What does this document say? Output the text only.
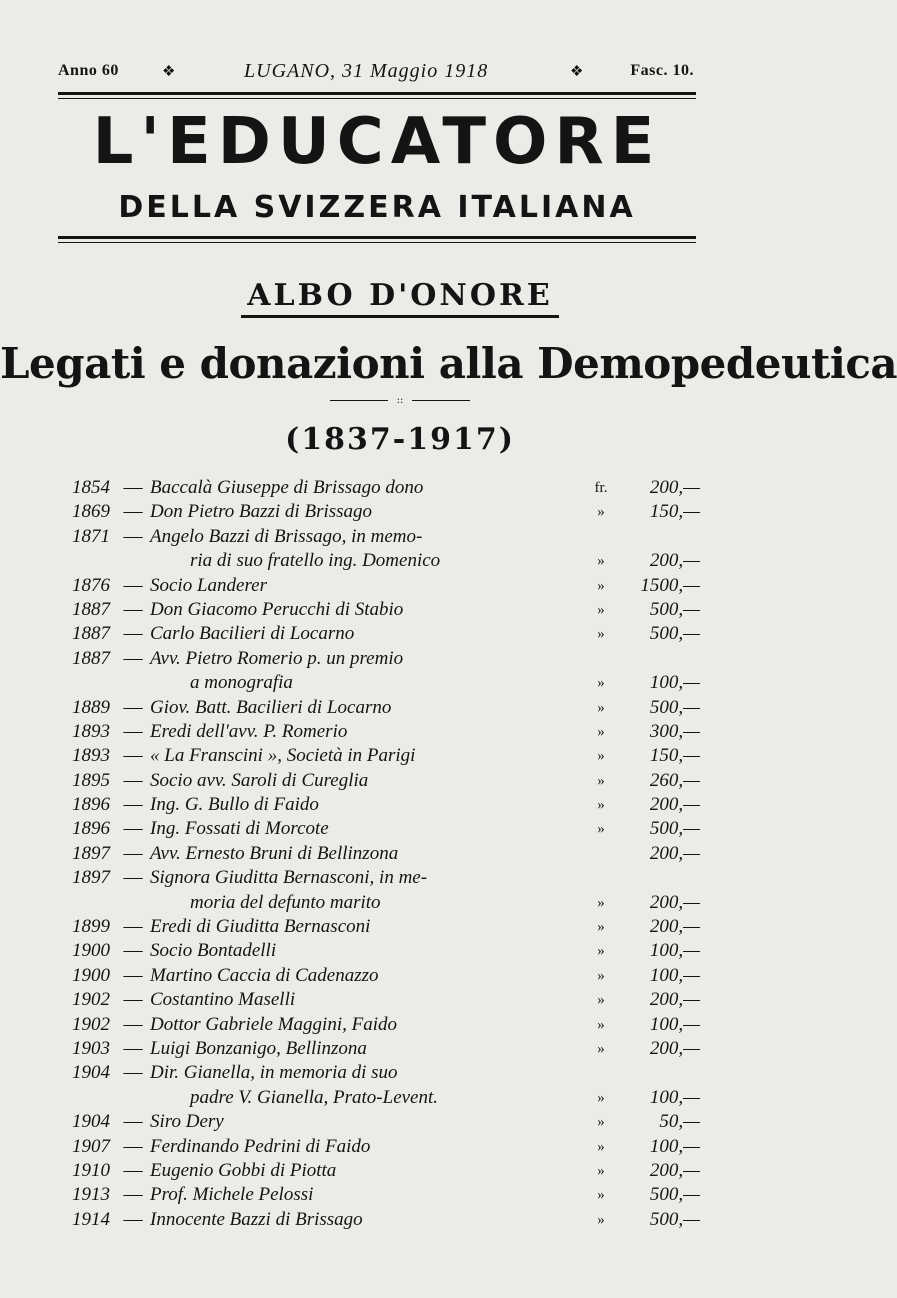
Anno 60	❖	LUGANO, 31 Maggio 1918	❖	Fasc. 10.
L'EDUCATORE
DELLA SVIZZERA ITALIANA
ALBO D'ONORE
Legati e donazioni alla Demopedeutica
::
(1837-1917)
1854 — Baccalà Giuseppe di Brissago dono	fr.	200,—
1869 — Don Pietro Bazzi di Brissago	»	150,—
1871 — Angelo Bazzi di Brissago, in memo-
ria di suo fratello ing. Domenico	»	200,—
1876 — Socio Landerer	»	1500,—
1887 — Don Giacomo Perucchi di Stabio	»	500,—
1887 — Carlo Bacilieri di Locarno	»	500,—
1887 — Avv. Pietro Romerio p. un premio
a monografia	»	100,—
1889 — Giov. Batt. Bacilieri di Locarno	»	500,—
1893 — Eredi dell'avv. P. Romerio	»	300,—
1893 — « La Franscini », Società in Parigi	»	150,—
1895 — Socio avv. Saroli di Cureglia	»	260,—
1896 — Ing. G. Bullo di Faido	»	200,—
1896 — Ing. Fossati di Morcote	»	500,—
1897 — Avv. Ernesto Bruni di Bellinzona	200,—
1897 — Signora Giuditta Bernasconi, in me-
moria del defunto marito	»	200,—
1899 — Eredi di Giuditta Bernasconi	»	200,—
1900 — Socio Bontadelli	»	100,—
1900 — Martino Caccia di Cadenazzo	»	100,—
1902 — Costantino Maselli	»	200,—
1902 — Dottor Gabriele Maggini, Faido	»	100,—
1903 — Luigi Bonzanigo, Bellinzona	»	200,—
1904 — Dir. Gianella, in memoria di suo
padre V. Gianella, Prato-Levent.	»	100,—
1904 — Siro Dery	»	50,—
1907 — Ferdinando Pedrini di Faido	»	100,—
1910 — Eugenio Gobbi di Piotta	»	200,—
1913 — Prof. Michele Pelossi	»	500,—
1914 — Innocente Bazzi di Brissago	»	500,—
